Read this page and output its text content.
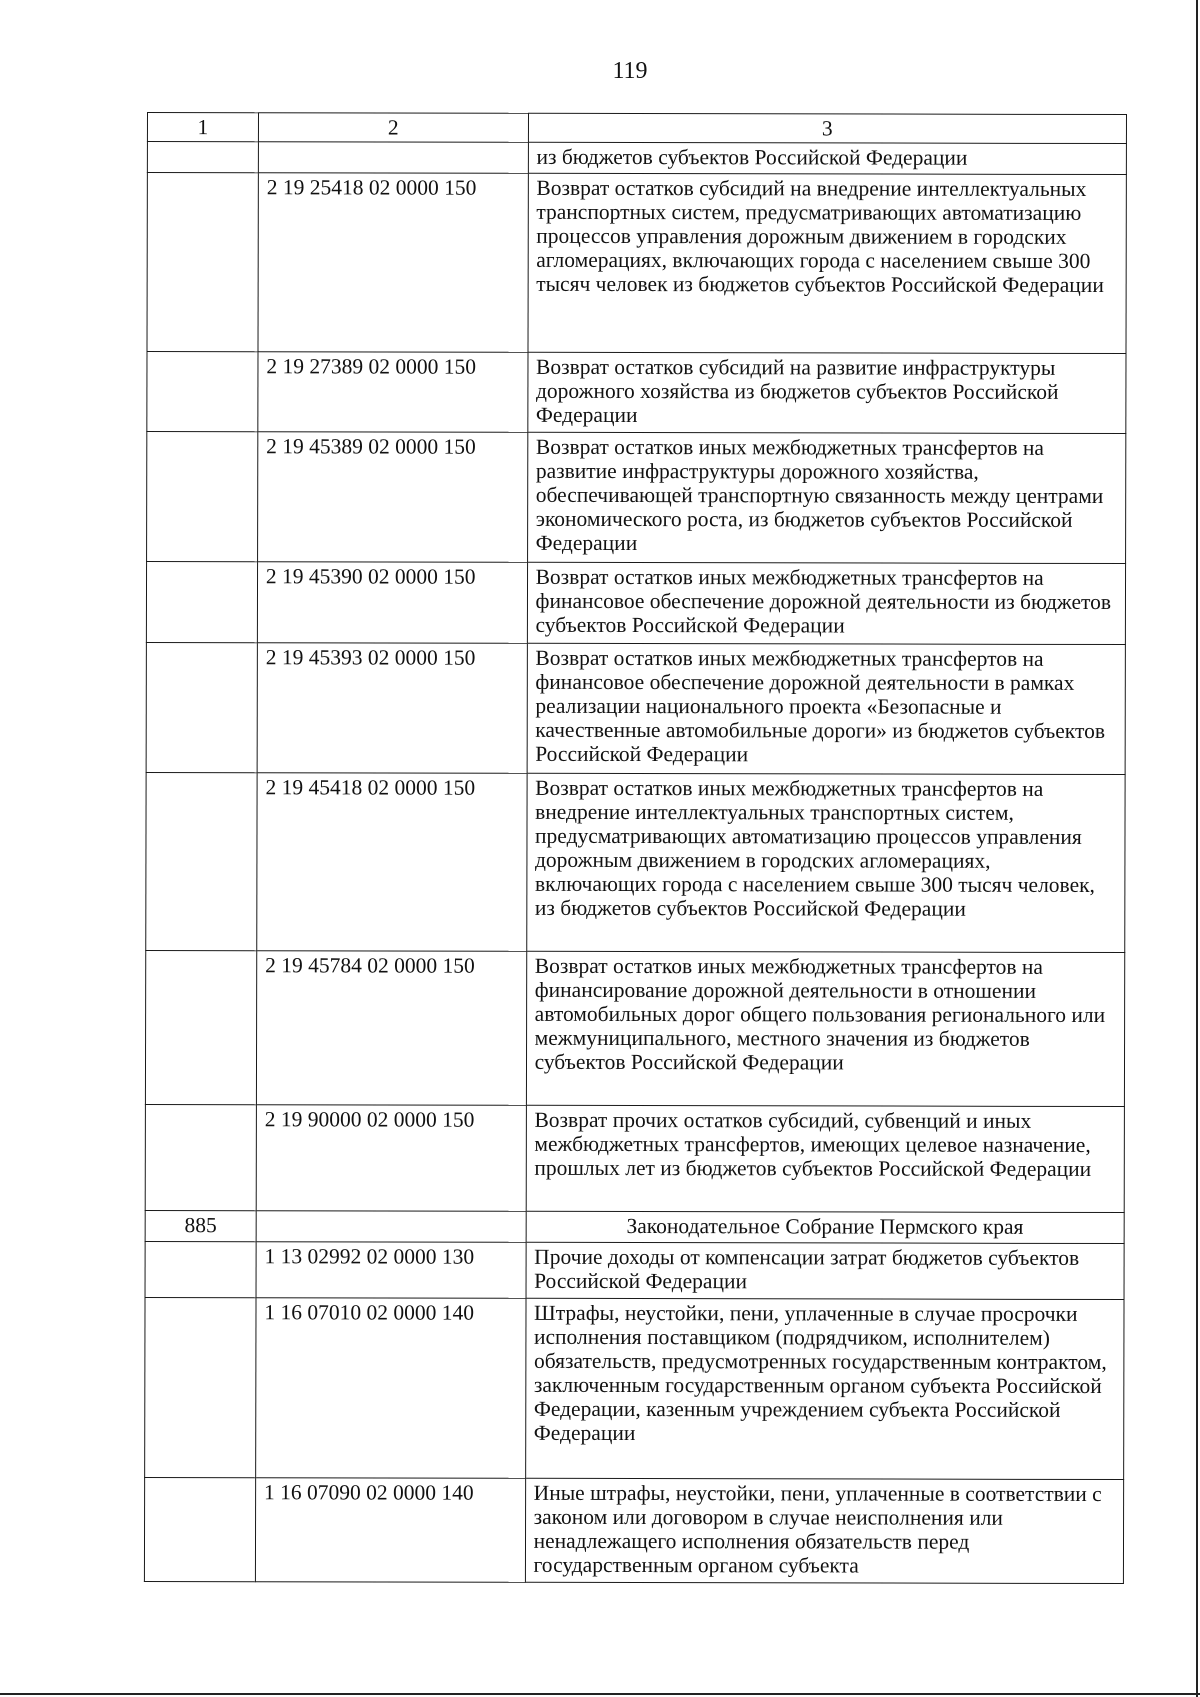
119
1	2	3
		из бюджетов субъектов Российской Федерации
	2 19 25418 02 0000 150	Возврат остатков субсидий на внедрение интеллектуальных транспортных систем, предусматривающих автоматизацию процессов управления дорожным движением в городских агломерациях, включающих города с населением свыше 300 тысяч человек из бюджетов субъектов Российской Федерации
	2 19 27389 02 0000 150	Возврат остатков субсидий на развитие инфраструктуры дорожного хозяйства из бюджетов субъектов Российской Федерации
	2 19 45389 02 0000 150	Возврат остатков иных межбюджетных трансфертов на развитие инфраструктуры дорожного хозяйства, обеспечивающей транспортную связанность между центрами экономического роста, из бюджетов субъектов Российской Федерации
	2 19 45390 02 0000 150	Возврат остатков иных межбюджетных трансфертов на финансовое обеспечение дорожной деятельности из бюджетов субъектов Российской Федерации
	2 19 45393 02 0000 150	Возврат остатков иных межбюджетных трансфертов на финансовое обеспечение дорожной деятельности в рамках реализации национального проекта «Безопасные и качественные автомобильные дороги» из бюджетов субъектов Российской Федерации
	2 19 45418 02 0000 150	Возврат остатков иных межбюджетных трансфертов на внедрение интеллектуальных транспортных систем, предусматривающих автоматизацию процессов управления дорожным движением в городских агломерациях, включающих города с населением свыше 300 тысяч человек, из бюджетов субъектов Российской Федерации
	2 19 45784 02 0000 150	Возврат остатков иных межбюджетных трансфертов на финансирование дорожной деятельности в отношении автомобильных дорог общего пользования регионального или межмуниципального, местного значения из бюджетов субъектов Российской Федерации
	2 19 90000 02 0000 150	Возврат прочих остатков субсидий, субвенций и иных межбюджетных трансфертов, имеющих целевое назначение, прошлых лет из бюджетов субъектов Российской Федерации
885		Законодательное Собрание Пермского края
	1 13 02992 02 0000 130	Прочие доходы от компенсации затрат бюджетов субъектов Российской Федерации
	1 16 07010 02 0000 140	Штрафы, неустойки, пени, уплаченные в случае просрочки исполнения поставщиком (подрядчиком, исполнителем) обязательств, предусмотренных государственным контрактом, заключенным государственным органом субъекта Российской Федерации, казенным учреждением субъекта Российской Федерации
	1 16 07090 02 0000 140	Иные штрафы, неустойки, пени, уплаченные в соответствии с законом или договором в случае неисполнения или ненадлежащего исполнения обязательств перед государственным органом субъекта
